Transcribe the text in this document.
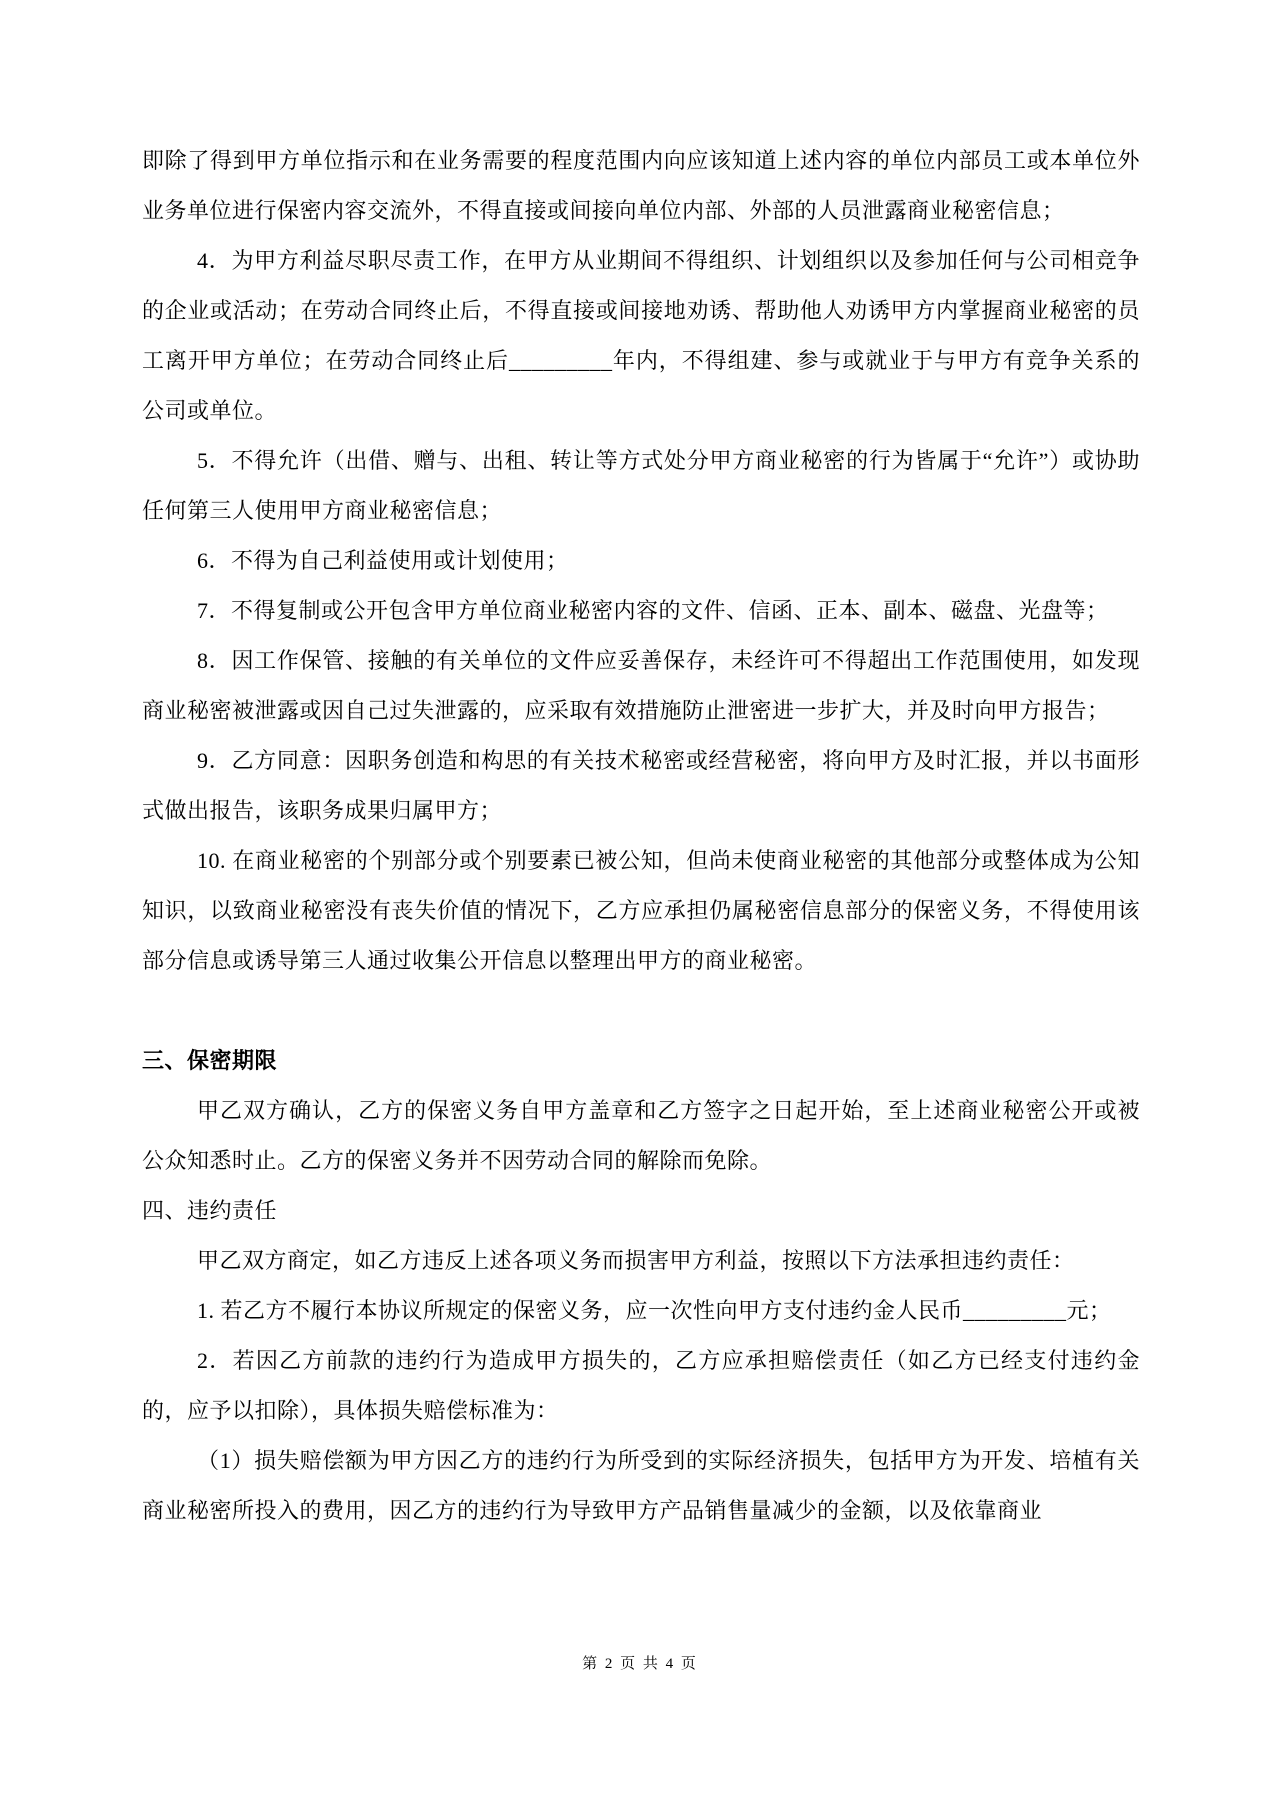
即除了得到甲方单位指示和在业务需要的程度范围内向应该知道上述内容的单位内部员工或本单位外业务单位进行保密内容交流外，不得直接或间接向单位内部、外部的人员泄露商业秘密信息；

4．为甲方利益尽职尽责工作，在甲方从业期间不得组织、计划组织以及参加任何与公司相竞争的企业或活动；在劳动合同终止后，不得直接或间接地劝诱、帮助他人劝诱甲方内掌握商业秘密的员工离开甲方单位；在劳动合同终止后_________年内，不得组建、参与或就业于与甲方有竞争关系的公司或单位。

5．不得允许（出借、赠与、出租、转让等方式处分甲方商业秘密的行为皆属于“允许”）或协助任何第三人使用甲方商业秘密信息；

6．不得为自己利益使用或计划使用；

7．不得复制或公开包含甲方单位商业秘密内容的文件、信函、正本、副本、磁盘、光盘等；

8．因工作保管、接触的有关单位的文件应妥善保存，未经许可不得超出工作范围使用，如发现商业秘密被泄露或因自己过失泄露的，应采取有效措施防止泄密进一步扩大，并及时向甲方报告；

9．乙方同意：因职务创造和构思的有关技术秘密或经营秘密，将向甲方及时汇报，并以书面形式做出报告，该职务成果归属甲方；

10. 在商业秘密的个别部分或个别要素已被公知，但尚未使商业秘密的其他部分或整体成为公知知识，以致商业秘密没有丧失价值的情况下，乙方应承担仍属秘密信息部分的保密义务，不得使用该部分信息或诱导第三人通过收集公开信息以整理出甲方的商业秘密。

三、保密期限

甲乙双方确认，乙方的保密义务自甲方盖章和乙方签字之日起开始，至上述商业秘密公开或被公众知悉时止。乙方的保密义务并不因劳动合同的解除而免除。

四、违约责任

甲乙双方商定，如乙方违反上述各项义务而损害甲方利益，按照以下方法承担违约责任：

1. 若乙方不履行本协议所规定的保密义务，应一次性向甲方支付违约金人民币_________元；

2．若因乙方前款的违约行为造成甲方损失的，乙方应承担赔偿责任（如乙方已经支付违约金的，应予以扣除），具体损失赔偿标准为：

（1）损失赔偿额为甲方因乙方的违约行为所受到的实际经济损失，包括甲方为开发、培植有关商业秘密所投入的费用，因乙方的违约行为导致甲方产品销售量减少的金额，以及依靠商业

第 2 页 共 4 页
